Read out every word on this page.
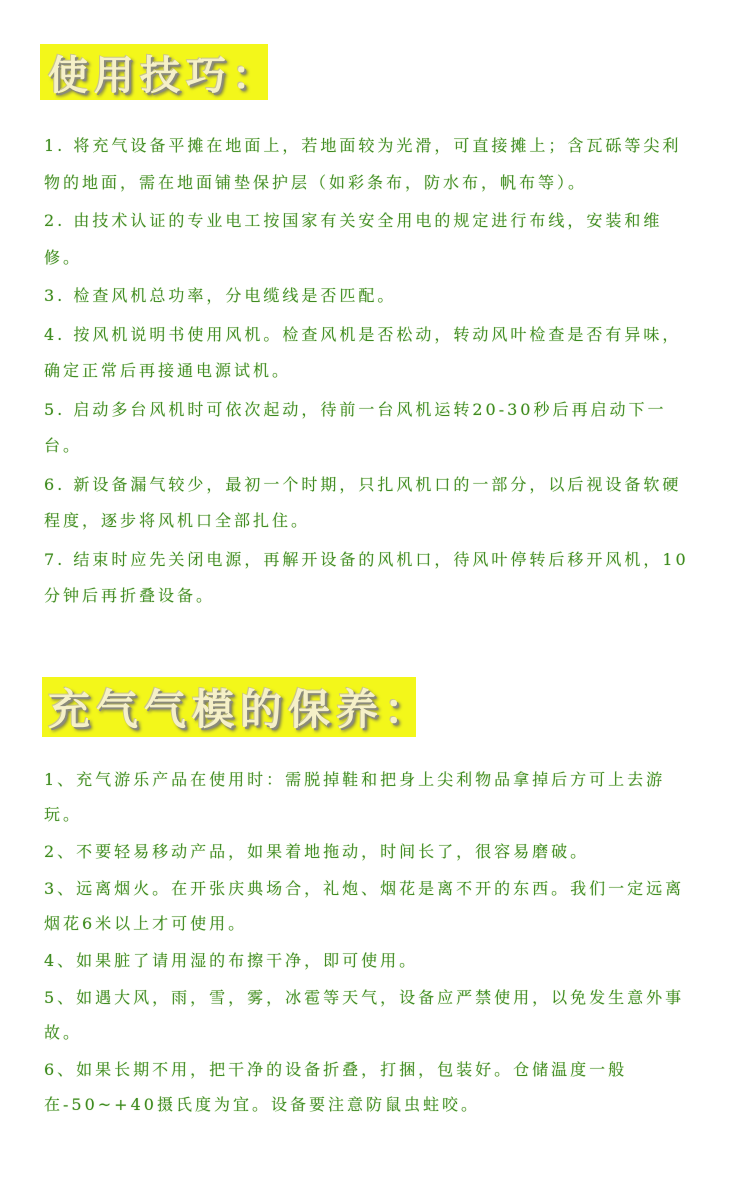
使用技巧：

1. 将充气设备平摊在地面上，若地面较为光滑，可直接摊上；含瓦砾等尖利物的地面，需在地面铺垫保护层（如彩条布，防水布，帆布等）。

2. 由技术认证的专业电工按国家有关安全用电的规定进行布线，安装和维修。

3. 检查风机总功率，分电缆线是否匹配。

4. 按风机说明书使用风机。检查风机是否松动，转动风叶检查是否有异味，确定正常后再接通电源试机。

5. 启动多台风机时可依次起动，待前一台风机运转20-30秒后再启动下一台。

6. 新设备漏气较少，最初一个时期，只扎风机口的一部分，以后视设备软硬程度，逐步将风机口全部扎住。

7. 结束时应先关闭电源，再解开设备的风机口，待风叶停转后移开风机，10分钟后再折叠设备。

充气气模的保养：

1、充气游乐产品在使用时：需脱掉鞋和把身上尖利物品拿掉后方可上去游玩。

2、不要轻易移动产品，如果着地拖动，时间长了，很容易磨破。

3、远离烟火。在开张庆典场合，礼炮、烟花是离不开的东西。我们一定远离烟花6米以上才可使用。

4、如果脏了请用湿的布擦干净，即可使用。

5、如遇大风，雨，雪，雾，冰雹等天气，设备应严禁使用，以免发生意外事故。

6、如果长期不用，把干净的设备折叠，打捆，包装好。仓储温度一般在-50~+40摄氏度为宜。设备要注意防鼠虫蛀咬。
